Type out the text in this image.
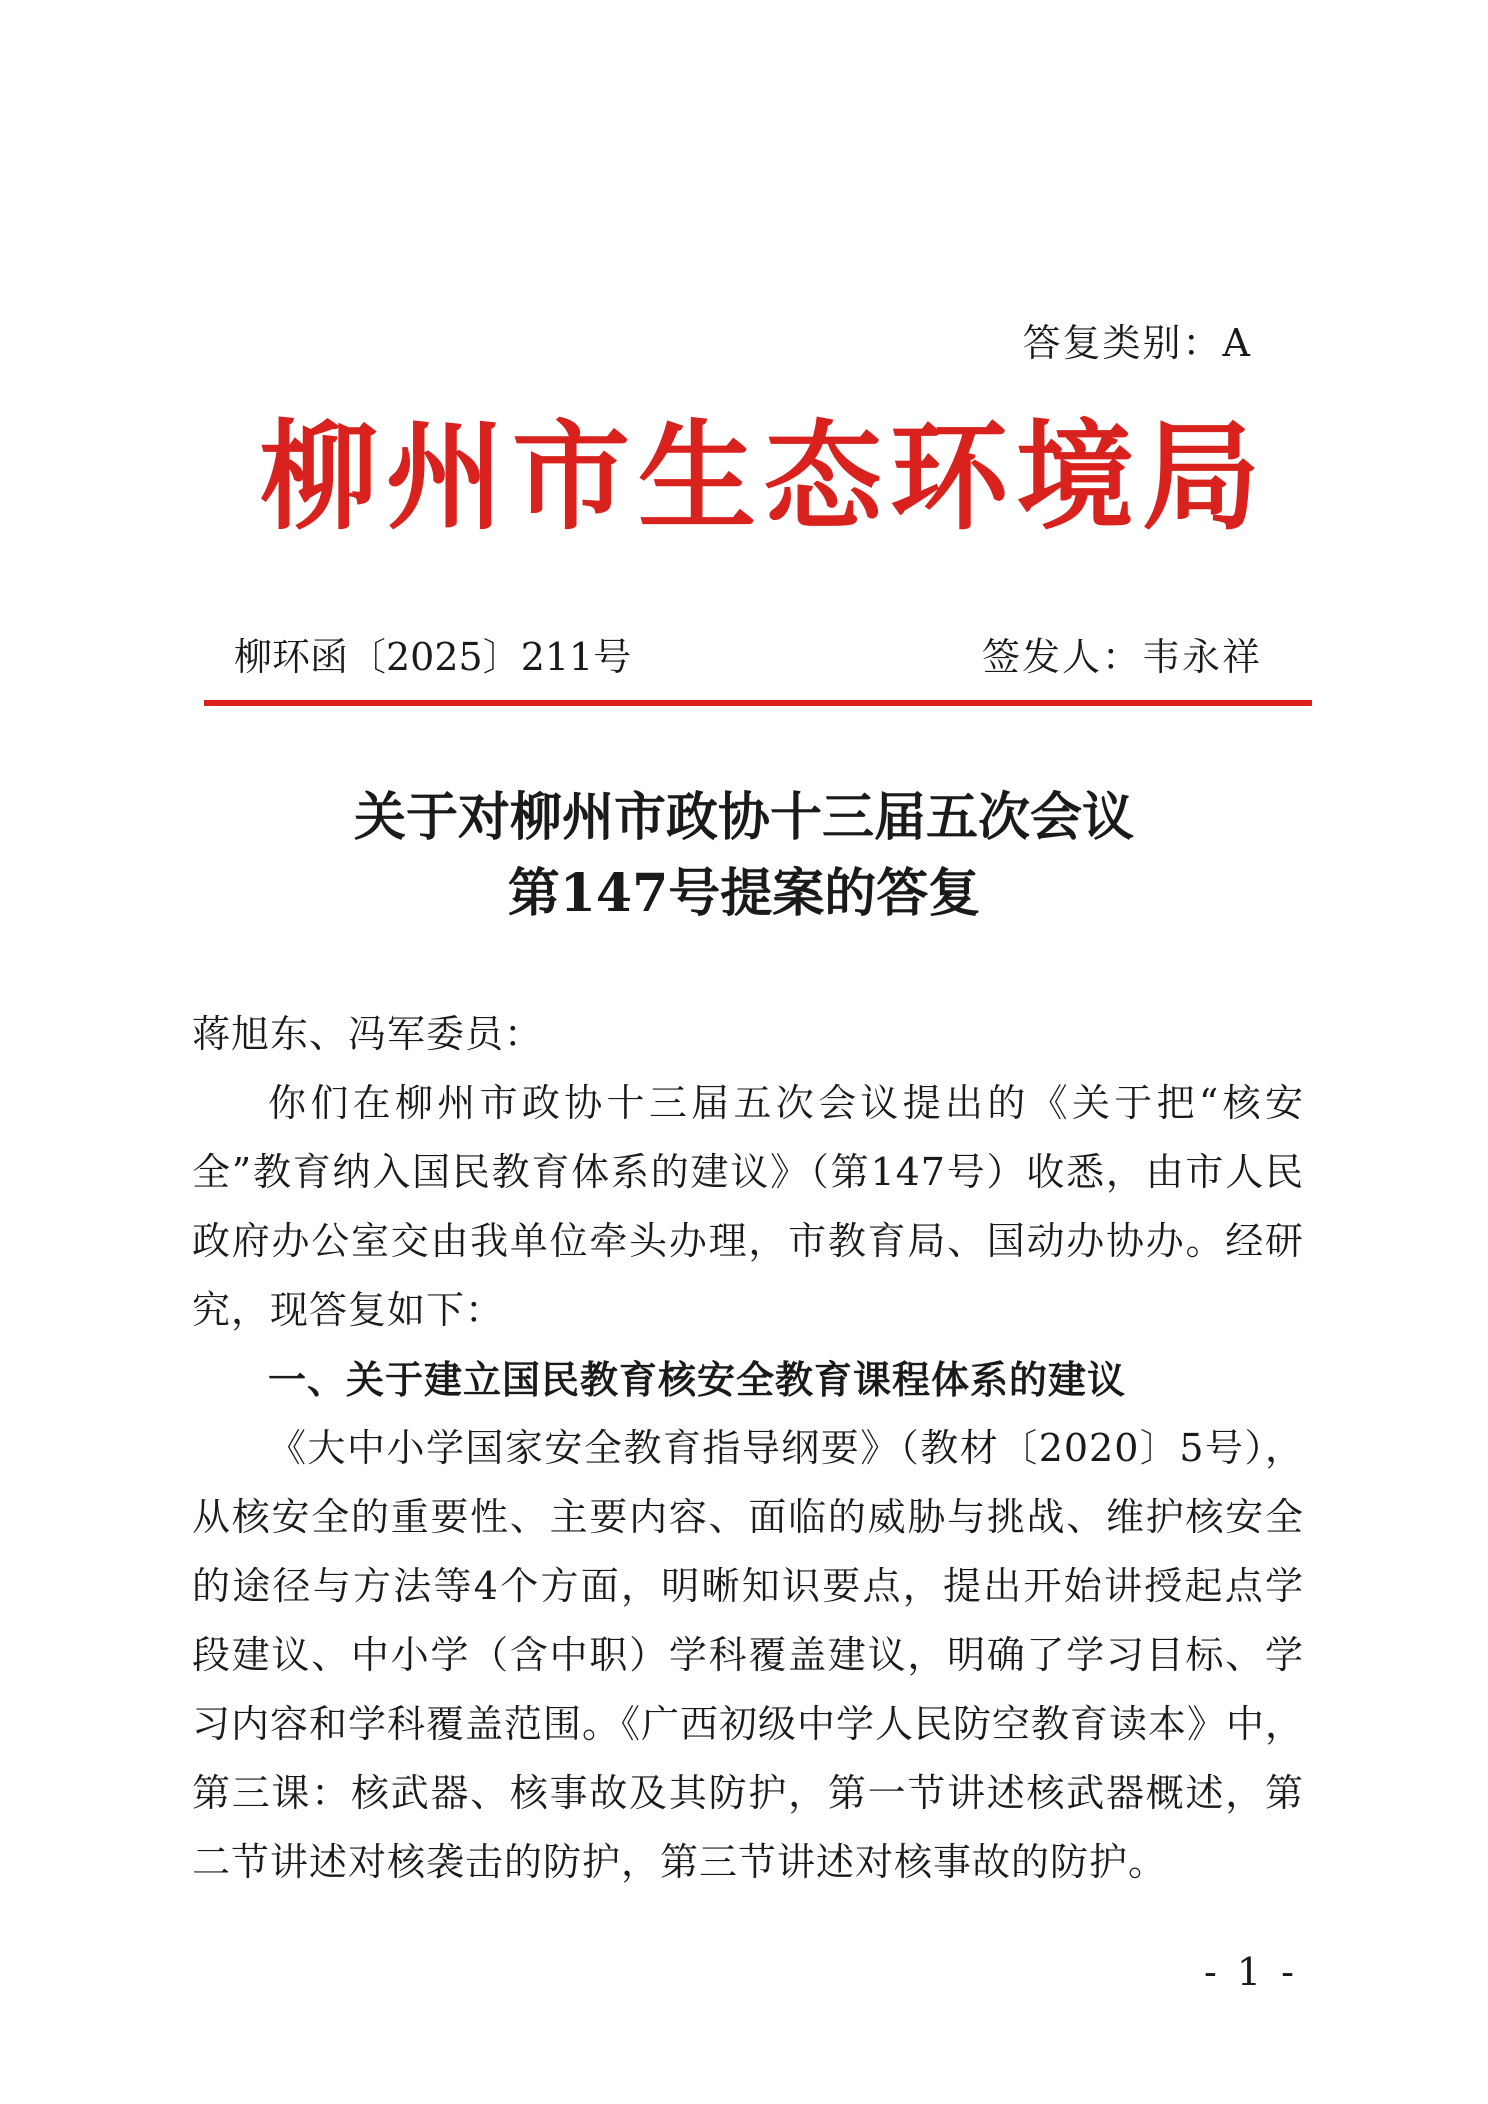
答复类别：A
柳州市生态环境局
柳环函〔2025〕211号	签发人：韦永祥
关于对柳州市政协十三届五次会议
第147号提案的答复

蒋旭东、冯军委员：

你们在柳州市政协十三届五次会议提出的《关于把“核安全”教育纳入国民教育体系的建议》（第147号）收悉，由市人民政府办公室交由我单位牵头办理，市教育局、国动办协办。经研究，现答复如下：

一、关于建立国民教育核安全教育课程体系的建议

《大中小学国家安全教育指导纲要》（教材〔2020〕5号），从核安全的重要性、主要内容、面临的威胁与挑战、维护核安全的途径与方法等4个方面，明晰知识要点，提出开始讲授起点学段建议、中小学（含中职）学科覆盖建议，明确了学习目标、学习内容和学科覆盖范围。《广西初级中学人民防空教育读本》中，第三课：核武器、核事故及其防护，第一节讲述核武器概述，第二节讲述对核袭击的防护，第三节讲述对核事故的防护。

- 1 -
